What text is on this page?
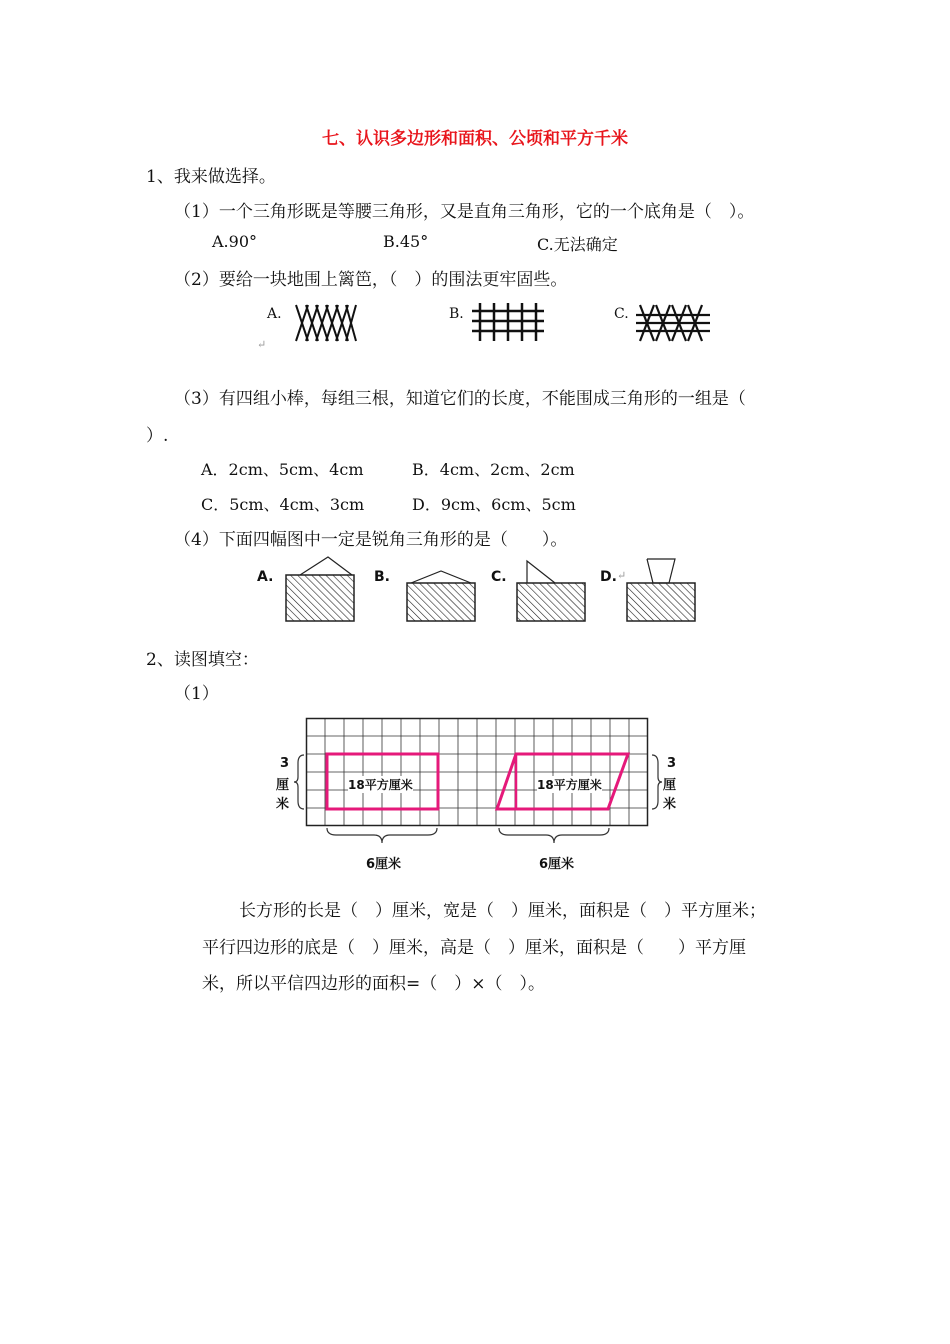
七、认识多边形和面积、公顷和平方千米
1、我来做选择。
（1）一个三角形既是等腰三角形，又是直角三角形，它的一个底角是（　）。
A.90°	B.45°	C.无法确定
（2）要给一块地围上篱笆，（　）的围法更牢固些。
A.	B.	C.
↵
（3）有四组小棒，每组三根，知道它们的长度，不能围成三角形的一组是（
）.
A．2cm、5cm、4cm	B．4cm、2cm、2cm
C．5cm、4cm、3cm	D．9cm、6cm、5cm
（4）下面四幅图中一定是锐角三角形的是（　　）。
A.	B.	C.	D. ↵
2、读图填空：
（1）
18平方厘米	18平方厘米
3
厘
米
3
厘
米
6厘米	6厘米
长方形的长是（　）厘米，宽是（　）厘米，面积是（　）平方厘米；
平行四边形的底是（　）厘米，高是（　）厘米，面积是（　　）平方厘
米，所以平信四边形的面积=（　）×（　）。
